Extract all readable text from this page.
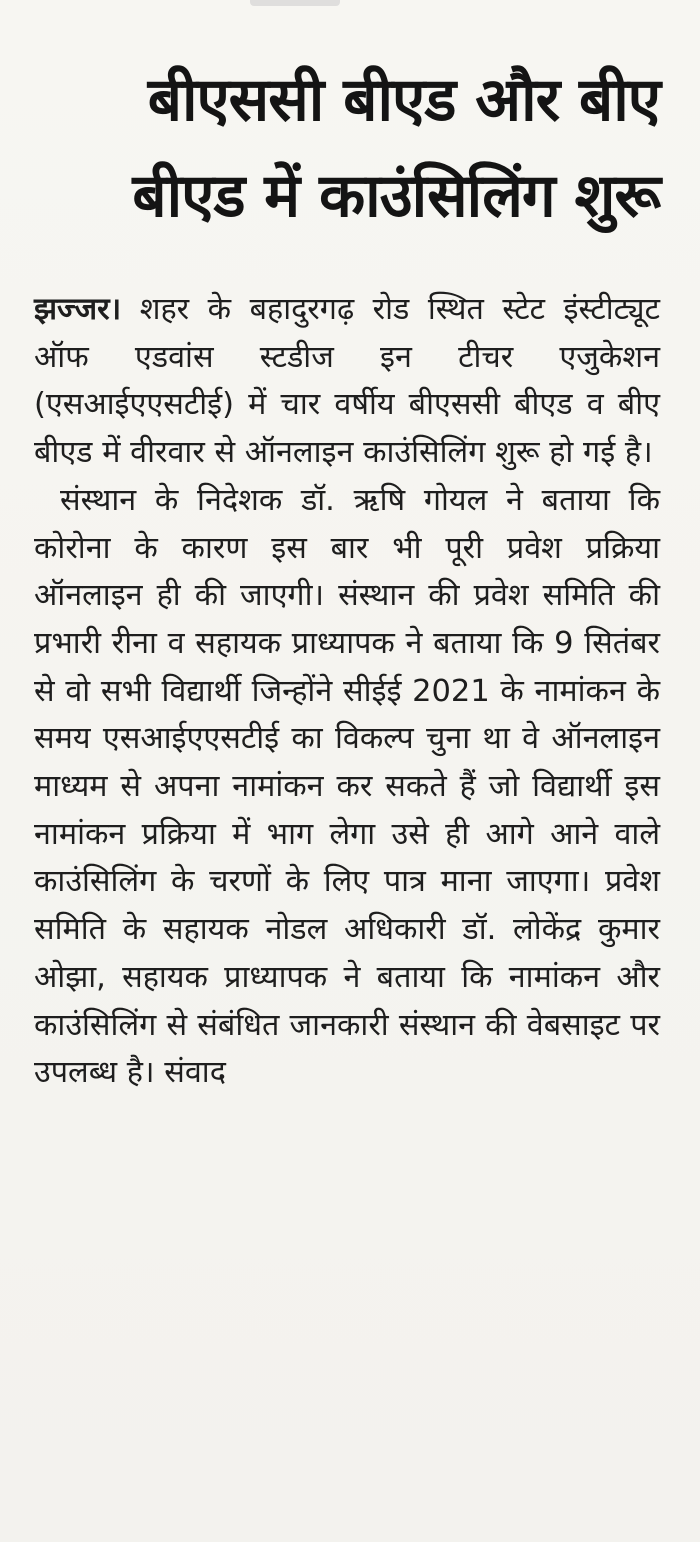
बीएससी बीएड और बीए
बीएड में काउंसिलिंग शुरू

झज्जर। शहर के बहादुरगढ़ रोड स्थित स्टेट इंस्टीट्यूट ऑफ एडवांस स्टडीज इन टीचर एजुकेशन (एसआईएएसटीई) में चार वर्षीय बीएससी बीएड व बीए बीएड में वीरवार से ऑनलाइन काउंसिलिंग शुरू हो गई है।

संस्थान के निदेशक डॉ. ऋषि गोयल ने बताया कि कोरोना के कारण इस बार भी पूरी प्रवेश प्रक्रिया ऑनलाइन ही की जाएगी। संस्थान की प्रवेश समिति की प्रभारी रीना व सहायक प्राध्यापक ने बताया कि 9 सितंबर से वो सभी विद्यार्थी जिन्होंने सीईई 2021 के नामांकन के समय एसआईएएसटीई का विकल्प चुना था वे ऑनलाइन माध्यम से अपना नामांकन कर सकते हैं जो विद्यार्थी इस नामांकन प्रक्रिया में भाग लेगा उसे ही आगे आने वाले काउंसिलिंग के चरणों के लिए पात्र माना जाएगा। प्रवेश समिति के सहायक नोडल अधिकारी डॉ. लोकेंद्र कुमार ओझा, सहायक प्राध्यापक ने बताया कि नामांकन और काउंसिलिंग से संबंधित जानकारी संस्थान की वेबसाइट पर उपलब्ध है। संवाद
